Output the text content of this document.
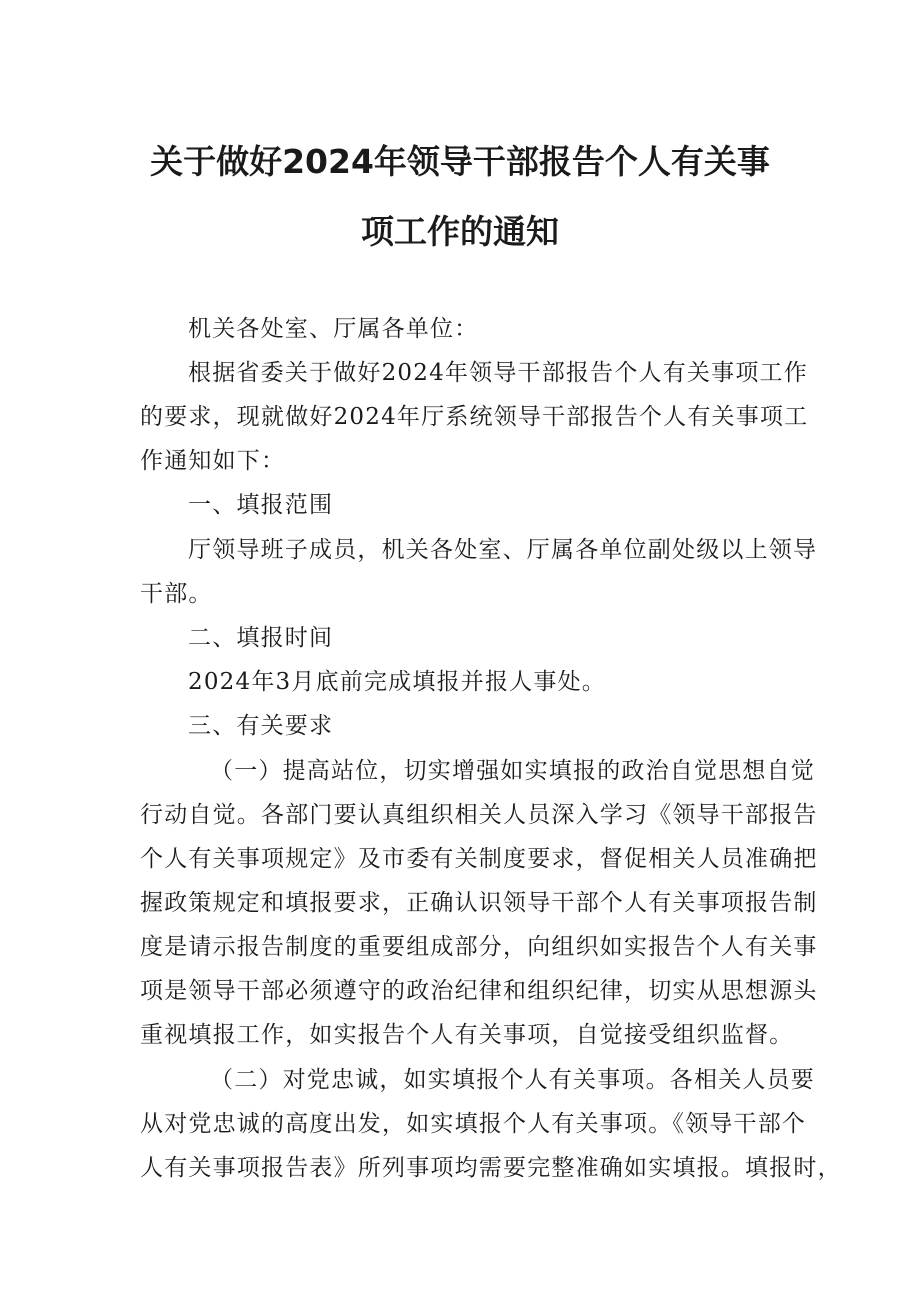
关于做好2024年领导干部报告个人有关事
项工作的通知
机关各处室、厅属各单位：
根据省委关于做好2024年领导干部报告个人有关事项工作
的要求，现就做好2024年厅系统领导干部报告个人有关事项工
作通知如下：
一、填报范围
厅领导班子成员，机关各处室、厅属各单位副处级以上领导
干部。
二、填报时间
2024年3月底前完成填报并报人事处。
三、有关要求
（一）提高站位，切实增强如实填报的政治自觉思想自觉
行动自觉。各部门要认真组织相关人员深入学习《领导干部报告
个人有关事项规定》及市委有关制度要求，督促相关人员准确把
握政策规定和填报要求，正确认识领导干部个人有关事项报告制
度是请示报告制度的重要组成部分，向组织如实报告个人有关事
项是领导干部必须遵守的政治纪律和组织纪律，切实从思想源头
重视填报工作，如实报告个人有关事项，自觉接受组织监督。
（二）对党忠诚，如实填报个人有关事项。各相关人员要
从对党忠诚的高度出发，如实填报个人有关事项。《领导干部个
人有关事项报告表》所列事项均需要完整准确如实填报。填报时，
